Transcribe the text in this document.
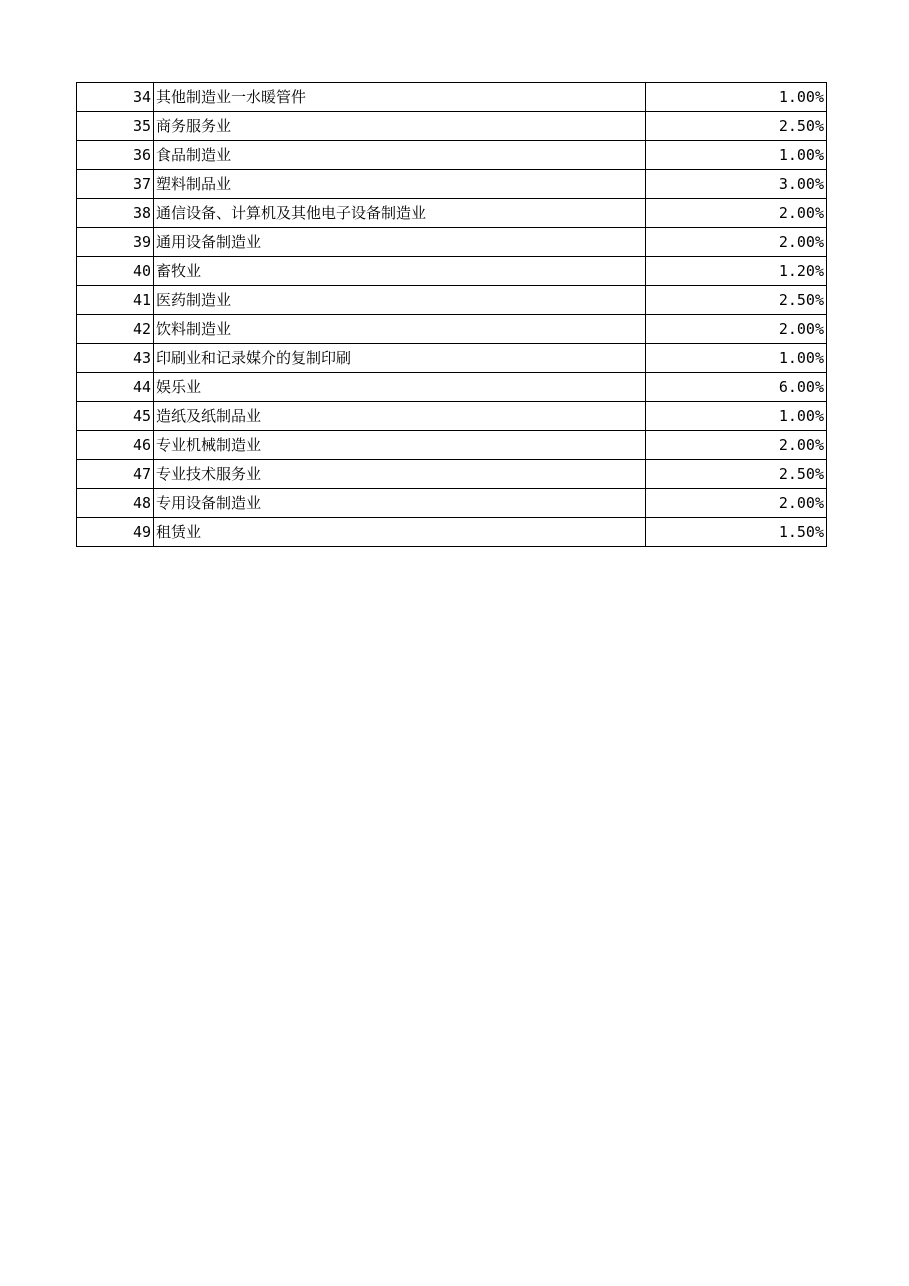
34	其他制造业一水暖管件	1.00%
35	商务服务业	2.50%
36	食品制造业	1.00%
37	塑料制品业	3.00%
38	通信设备、计算机及其他电子设备制造业	2.00%
39	通用设备制造业	2.00%
40	畜牧业	1.20%
41	医药制造业	2.50%
42	饮料制造业	2.00%
43	印刷业和记录媒介的复制印刷	1.00%
44	娱乐业	6.00%
45	造纸及纸制品业	1.00%
46	专业机械制造业	2.00%
47	专业技术服务业	2.50%
48	专用设备制造业	2.00%
49	租赁业	1.50%
